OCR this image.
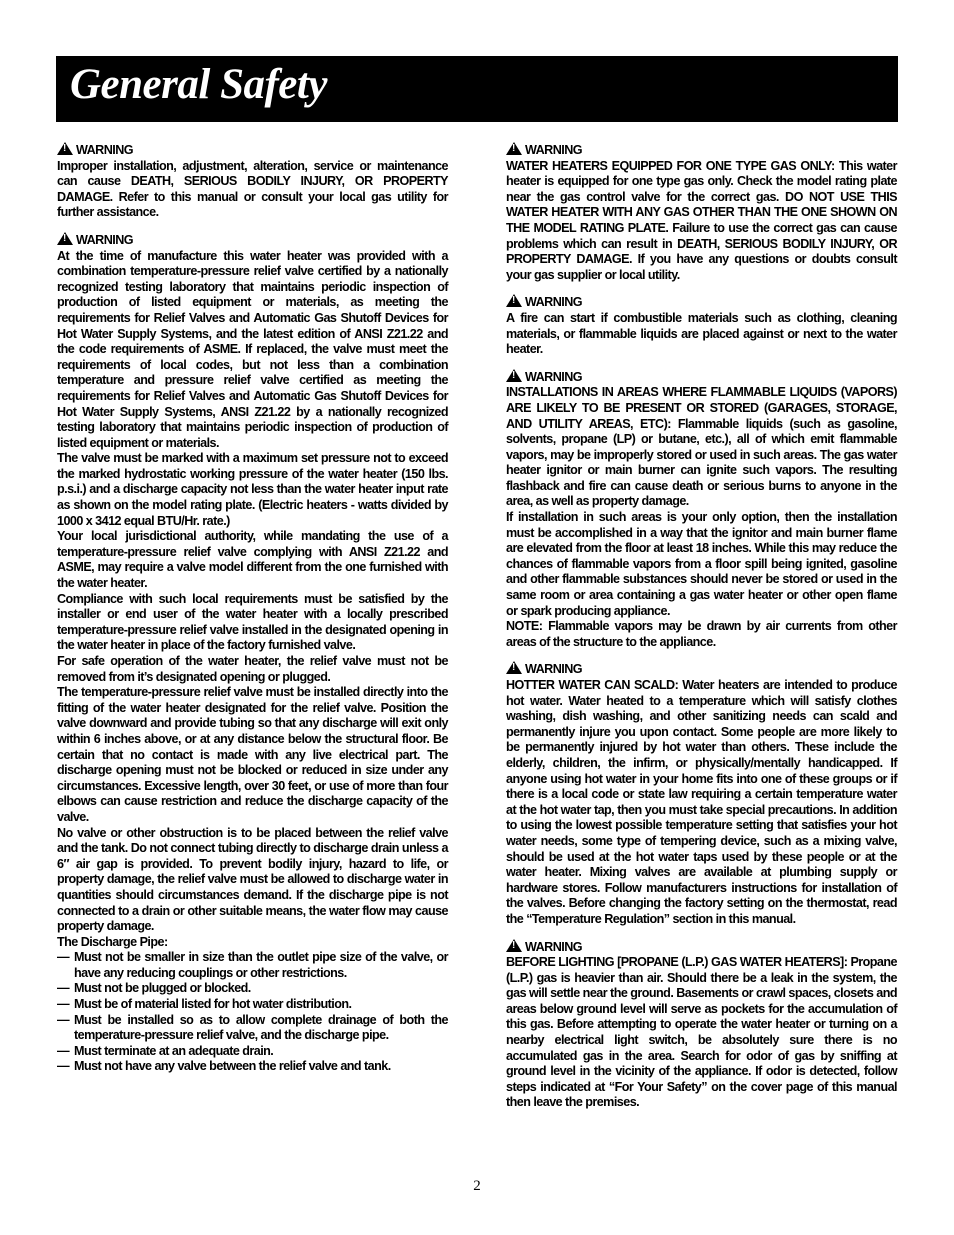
General Safety

!WARNING

Improper installation, adjustment, alteration, service or maintenance can cause DEATH, SERIOUS BODILY INJURY, OR PROPERTY DAMAGE. Refer to this manual or consult your local gas utility for further assistance.

!WARNING

At the time of manufacture this water heater was provided with a combination temperature-pressure relief valve certified by a nationally recognized testing laboratory that maintains periodic inspection of production of listed equipment or materials, as meeting the requirements for Relief Valves and Automatic Gas Shutoff Devices for Hot Water Supply Systems, and the latest edition of ANSI Z21.22 and the code requirements of ASME. If replaced, the valve must meet the requirements of local codes, but not less than a combination temperature and pressure relief valve certified as meeting the requirements for Relief Valves and Automatic Gas Shutoff Devices for Hot Water Supply Systems, ANSI Z21.22 by a nationally recognized testing laboratory that maintains periodic inspection of production of listed equipment or materials.

The valve must be marked with a maximum set pressure not to exceed the marked hydrostatic working pressure of the water heater (150 lbs. p.s.i.) and a discharge capacity not less than the water heater input rate as shown on the model rating plate. (Electric heaters - watts divided by 1000 x 3412 equal BTU/Hr. rate.)

Your local jurisdictional authority, while mandating the use of a temperature-pressure relief valve complying with ANSI Z21.22 and ASME, may require a valve model different from the one furnished with the water heater.

Compliance with such local requirements must be satisfied by the installer or end user of the water heater with a locally prescribed temperature-pressure relief valve installed in the designated opening in the water heater in place of the factory furnished valve.

For safe operation of the water heater, the relief valve must not be removed from it’s designated opening or plugged.

The temperature-pressure relief valve must be installed directly into the fitting of the water heater designated for the relief valve. Position the valve downward and provide tubing so that any discharge will exit only within 6 inches above, or at any distance below the structural floor. Be certain that no contact is made with any live electrical part. The discharge opening must not be blocked or reduced in size under any circumstances. Excessive length, over 30 feet, or use of more than four elbows can cause restriction and reduce the discharge capacity of the valve.

No valve or other obstruction is to be placed between the relief valve and the tank. Do not connect tubing directly to discharge drain unless a 6″ air gap is provided. To prevent bodily injury, hazard to life, or property damage, the relief valve must be allowed to discharge water in quantities should circumstances demand. If the discharge pipe is not connected to a drain or other suitable means, the water flow may cause property damage.

The Discharge Pipe:

— Must not be smaller in size than the outlet pipe size of the valve, or have any reducing couplings or other restrictions.

— Must not be plugged or blocked.

— Must be of material listed for hot water distribution.

— Must be installed so as to allow complete drainage of both the temperature-pressure relief valve, and the discharge pipe.

— Must terminate at an adequate drain.

— Must not have any valve between the relief valve and tank.

!WARNING

WATER HEATERS EQUIPPED FOR ONE TYPE GAS ONLY: This water heater is equipped for one type gas only. Check the model rating plate near the gas control valve for the correct gas. DO NOT USE THIS WATER HEATER WITH ANY GAS OTHER THAN THE ONE SHOWN ON THE MODEL RATING PLATE. Failure to use the correct gas can cause problems which can result in DEATH, SERIOUS BODILY INJURY, OR PROPERTY DAMAGE. If you have any questions or doubts consult your gas supplier or local utility.

!WARNING

A fire can start if combustible materials such as clothing, cleaning materials, or flammable liquids are placed against or next to the water heater.

!WARNING

INSTALLATIONS IN AREAS WHERE FLAMMABLE LIQUIDS (VAPORS) ARE LIKELY TO BE PRESENT OR STORED (GARAGES, STORAGE, AND UTILITY AREAS, ETC): Flammable liquids (such as gasoline, solvents, propane (LP) or butane, etc.), all of which emit flammable vapors, may be improperly stored or used in such areas. The gas water heater ignitor or main burner can ignite such vapors. The resulting flashback and fire can cause death or serious burns to anyone in the area, as well as property damage.

If installation in such areas is your only option, then the installation must be accomplished in a way that the ignitor and main burner flame are elevated from the floor at least 18 inches. While this may reduce the chances of flammable vapors from a floor spill being ignited, gasoline and other flammable substances should never be stored or used in the same room or area containing a gas water heater or other open flame or spark producing appliance.

NOTE: Flammable vapors may be drawn by air currents from other areas of the structure to the appliance.

!WARNING

HOTTER WATER CAN SCALD: Water heaters are intended to produce hot water. Water heated to a temperature which will satisfy clothes washing, dish washing, and other sanitizing needs can scald and permanently injure you upon contact. Some people are more likely to be permanently injured by hot water than others. These include the elderly, children, the infirm, or physically/mentally handicapped. If anyone using hot water in your home fits into one of these groups or if there is a local code or state law requiring a certain temperature water at the hot water tap, then you must take special precautions. In addition to using the lowest possible temperature setting that satisfies your hot water needs, some type of tempering device, such as a mixing valve, should be used at the hot water taps used by these people or at the water heater. Mixing valves are available at plumbing supply or hardware stores. Follow manufacturers instructions for installation of the valves. Before changing the factory setting on the thermostat, read the “Temperature Regulation” section in this manual.

!WARNING

BEFORE LIGHTING [PROPANE (L.P.) GAS WATER HEATERS]: Propane (L.P.) gas is heavier than air. Should there be a leak in the system, the gas will settle near the ground. Basements or crawl spaces, closets and areas below ground level will serve as pockets for the accumulation of this gas. Before attempting to operate the water heater or turning on a nearby electrical light switch, be absolutely sure there is no accumulated gas in the area. Search for odor of gas by sniffing at ground level in the vicinity of the appliance. If odor is detected, follow steps indicated at “For Your Safety” on the cover page of this manual then leave the premises.

2
